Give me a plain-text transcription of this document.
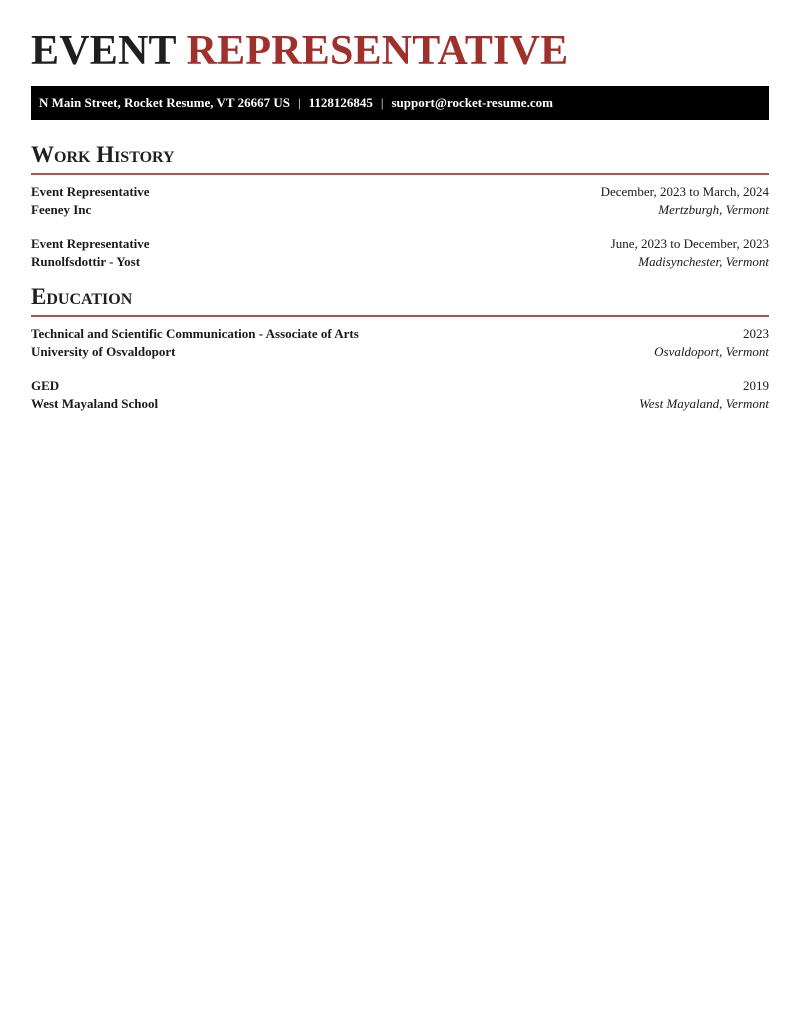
EVENT REPRESENTATIVE
N Main Street, Rocket Resume, VT 26667 US | 1128126845 | support@rocket-resume.com
Work History
Event Representative	December, 2023 to March, 2024
Feeney Inc	Mertzburgh, Vermont
Event Representative	June, 2023 to December, 2023
Runolfsdottir - Yost	Madisynchester, Vermont
Education
Technical and Scientific Communication - Associate of Arts	2023
University of Osvaldoport	Osvaldoport, Vermont
GED	2019
West Mayaland School	West Mayaland, Vermont
